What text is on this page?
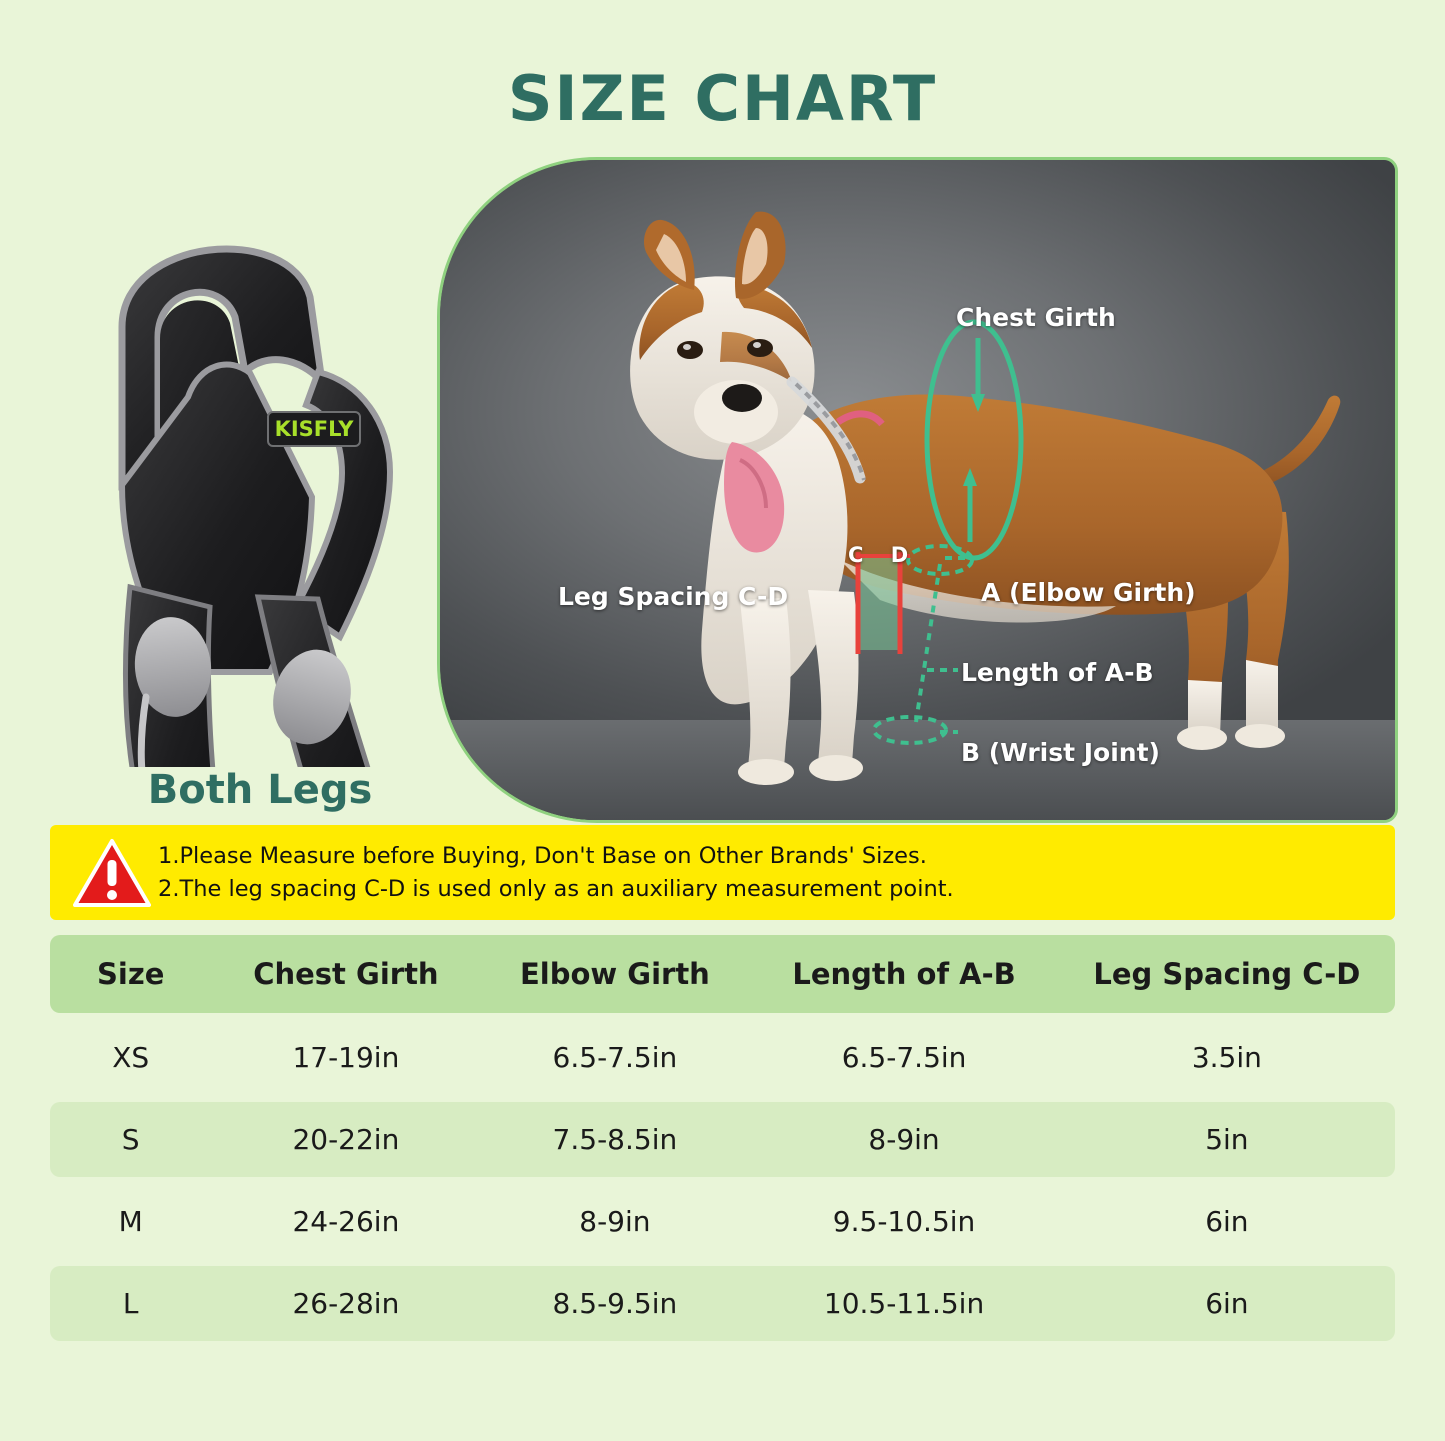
SIZE CHART
KISFLY
Both Legs
C D
Chest Girth
Leg Spacing C-D	A (Elbow Girth)
Length of A-B
B (Wrist Joint)
1.Please Measure before Buying, Don't Base on Other Brands' Sizes.
2.The leg spacing C-D is used only as an auxiliary measurement point.
Size	Chest Girth	Elbow Girth	Length of A-B	Leg Spacing C-D

XS	17-19in	6.5-7.5in	6.5-7.5in	3.5in

S	20-22in	7.5-8.5in	8-9in	5in

M	24-26in	8-9in	9.5-10.5in	6in

L	26-28in	8.5-9.5in	10.5-11.5in	6in
